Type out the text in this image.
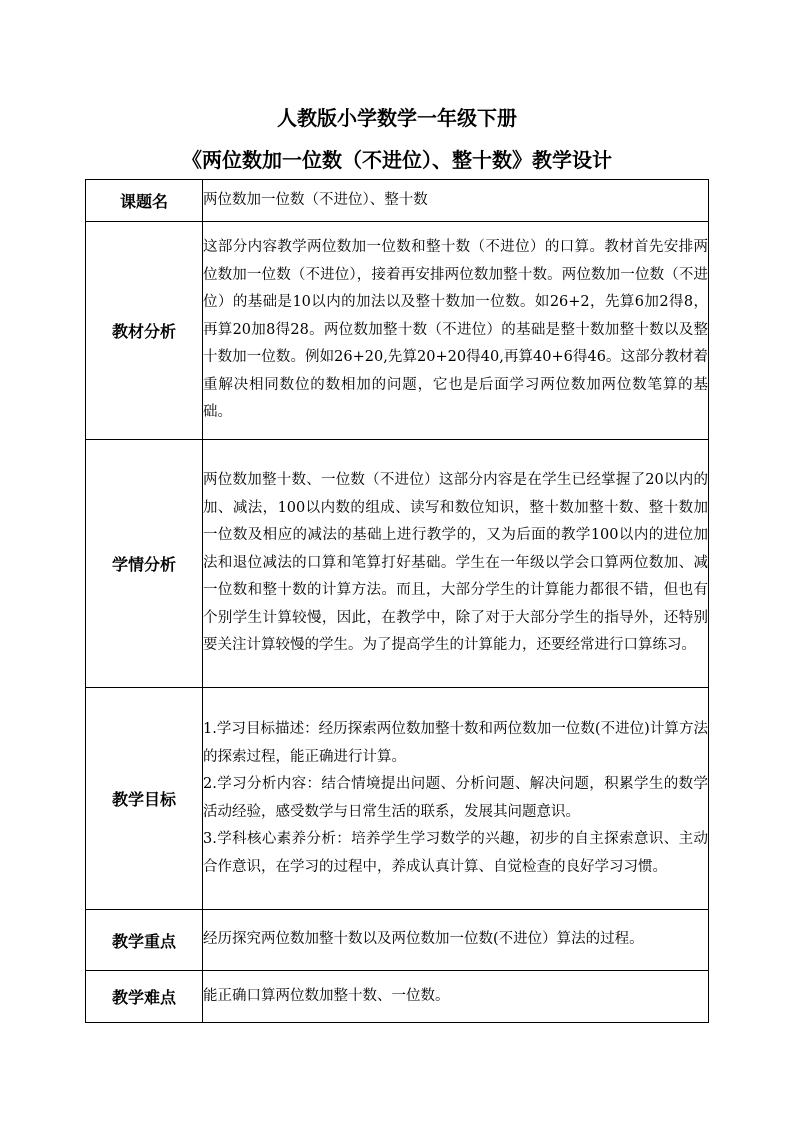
人教版小学数学一年级下册
《两位数加一位数（不进位）、整十数》教学设计
课题名	两位数加一位数（不进位）、整十数

教材分析	这部分内容教学两位数加一位数和整十数（不进位）的口算。教材首先安排两位数加一位数（不进位），接着再安排两位数加整十数。两位数加一位数（不进位）的基础是10以内的加法以及整十数加一位数。如26+2，先算6加2得8，再算20加8得28。两位数加整十数（不进位）的基础是整十数加整十数以及整十数加一位数。例如26+20,先算20+20得40,再算40+6得46。这部分教材着重解决相同数位的数相加的问题，它也是后面学习两位数加两位数笔算的基础。

学情分析	两位数加整十数、一位数（不进位）这部分内容是在学生已经掌握了20以内的加、减法，100以内数的组成、读写和数位知识，整十数加整十数、整十数加一位数及相应的减法的基础上进行教学的，又为后面的教学100以内的进位加法和退位减法的口算和笔算打好基础。学生在一年级以学会口算两位数加、减一位数和整十数的计算方法。而且，大部分学生的计算能力都很不错，但也有个别学生计算较慢，因此，在教学中，除了对于大部分学生的指导外，还特别要关注计算较慢的学生。为了提高学生的计算能力，还要经常进行口算练习。

教学目标	1.学习目标描述：经历探索两位数加整十数和两位数加一位数(不进位)计算方法的探索过程，能正确进行计算。

2.学习分析内容：结合情境提出问题、分析问题、解决问题，积累学生的数学活动经验，感受数学与日常生活的联系，发展其问题意识。

3.学科核心素养分析：培养学生学习数学的兴趣，初步的自主探索意识、主动合作意识，在学习的过程中，养成认真计算、自觉检查的良好学习习惯。

教学重点	经历探究两位数加整十数以及两位数加一位数(不进位）算法的过程。

教学难点	能正确口算两位数加整十数、一位数。
